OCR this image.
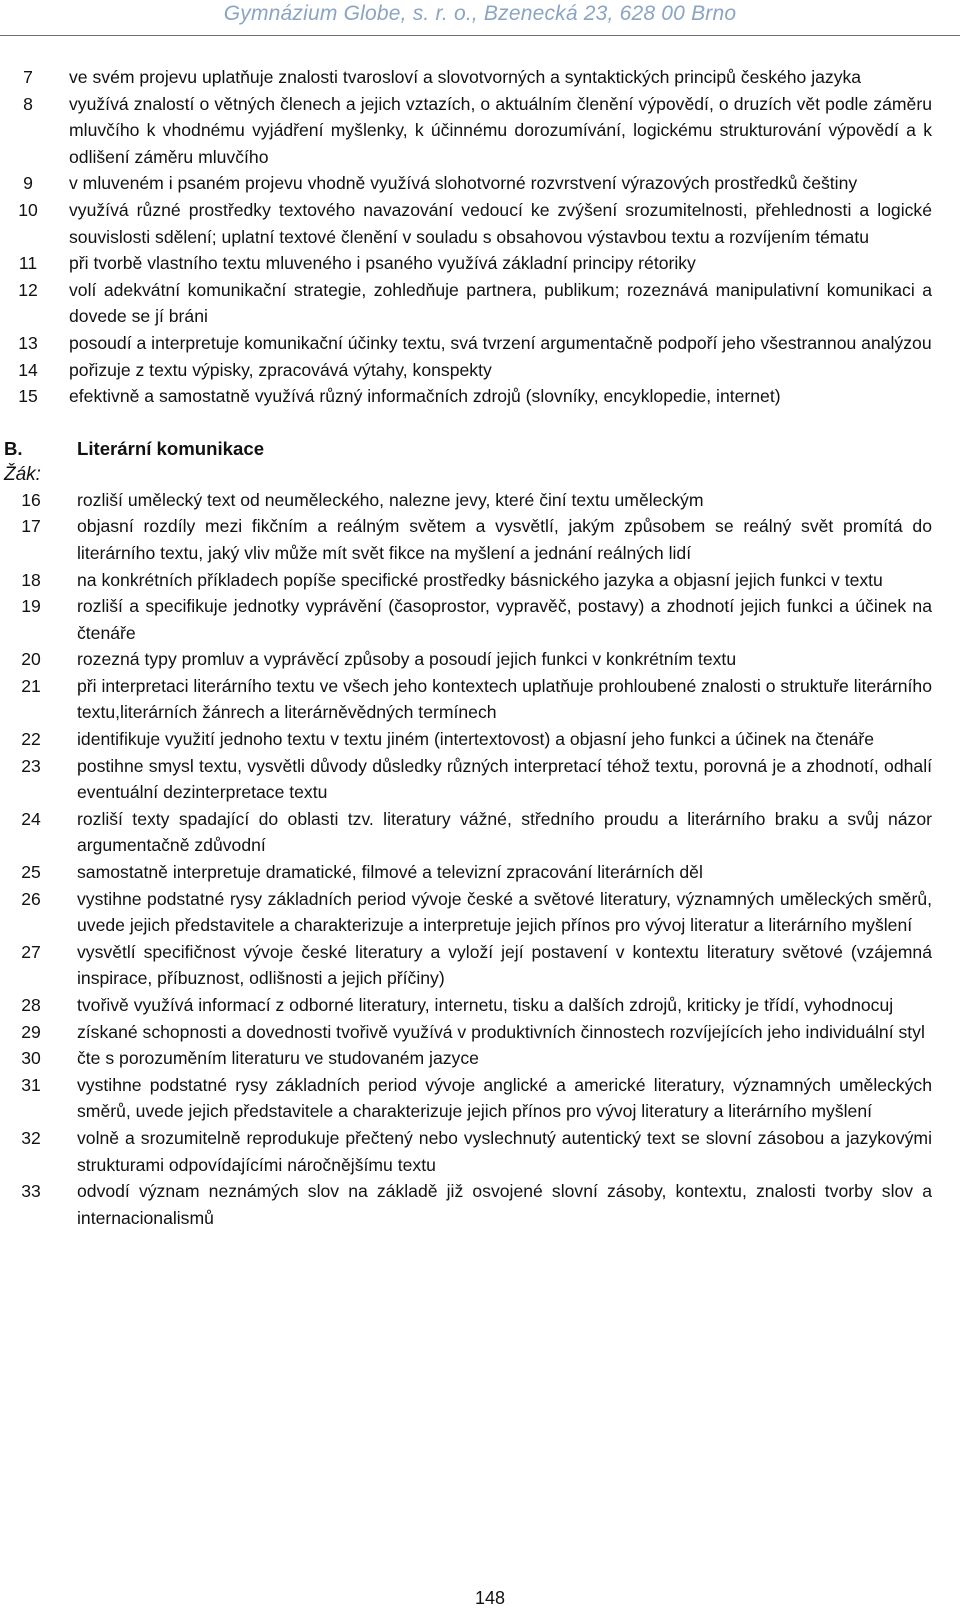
Gymnázium Globe, s. r. o., Bzenecká 23, 628 00 Brno
7	ve svém projevu uplatňuje znalosti tvarosloví a slovotvorných a syntaktických principů českého jazyka
8	využívá znalostí o větných členech a jejich vztazích, o aktuálním členění výpovědí, o druzích vět podle záměru mluvčího k vhodnému vyjádření myšlenky, k účinnému dorozumívání, logickému strukturování výpovědí a k odlišení záměru mluvčího
9	v mluveném i psaném projevu vhodně využívá slohotvorné rozvrstvení výrazových prostředků češtiny
10	využívá různé prostředky textového navazování vedoucí ke zvýšení srozumitelnosti, přehlednosti a logické souvislosti sdělení; uplatní textové členění v souladu s obsahovou výstavbou textu a rozvíjením tématu
11	při tvorbě vlastního textu mluveného i psaného využívá základní principy rétoriky
12	volí adekvátní komunikační strategie, zohledňuje partnera, publikum; rozeznává manipulativní komunikaci a dovede se jí bráni
13	posoudí a interpretuje komunikační účinky textu, svá tvrzení argumentačně podpoří jeho všestrannou analýzou
14	pořizuje z textu výpisky, zpracovává výtahy, konspekty
15	efektivně a samostatně využívá různý informačních zdrojů (slovníky, encyklopedie, internet)
B.	Literární komunikace
Žák:
16	rozliší umělecký text od neuměleckého, nalezne jevy, které činí textu uměleckým
17	objasní rozdíly mezi fikčním a reálným světem a vysvětlí, jakým způsobem se reálný svět promítá do literárního textu, jaký vliv může mít svět fikce na myšlení a jednání reálných lidí
18	na konkrétních příkladech popíše specifické prostředky básnického jazyka a objasní jejich funkci v textu
19	rozliší a specifikuje jednotky vyprávění (časoprostor, vypravěč, postavy) a zhodnotí jejich funkci a účinek na čtenáře
20	rozezná typy promluv a vyprávěcí způsoby a posoudí jejich funkci v konkrétním textu
21	při interpretaci literárního textu ve všech jeho kontextech uplatňuje prohloubené znalosti o struktuře literárního textu,literárních žánrech a literárněvědných termínech
22	identifikuje využití jednoho textu v textu jiném (intertextovost) a objasní jeho funkci a účinek na čtenáře
23	postihne smysl textu, vysvětli důvody důsledky různých interpretací téhož textu, porovná je a zhodnotí, odhalí eventuální dezinterpretace textu
24	rozliší texty spadající do oblasti tzv. literatury vážné, středního proudu a literárního braku a svůj názor argumentačně zdůvodní
25	samostatně interpretuje dramatické, filmové a televizní zpracování literárních děl
26	vystihne podstatné rysy základních period vývoje české a světové literatury, významných uměleckých směrů, uvede jejich představitele a charakterizuje a interpretuje jejich přínos pro vývoj literatur a literárního myšlení
27	vysvětlí specifičnost vývoje české literatury a vyloží její postavení v kontextu literatury světové (vzájemná inspirace, příbuznost, odlišnosti a jejich příčiny)
28	tvořivě využívá informací z odborné literatury, internetu, tisku a dalších zdrojů, kriticky je třídí, vyhodnocuj
29	získané schopnosti a dovednosti tvořivě využívá v produktivních činnostech rozvíjejících jeho individuální styl
30	čte s porozuměním literaturu ve studovaném jazyce
31	vystihne podstatné rysy základních period vývoje anglické a americké literatury, významných uměleckých směrů, uvede jejich představitele a charakterizuje jejich přínos pro vývoj literatury a literárního myšlení
32	volně a srozumitelně reprodukuje přečtený nebo vyslechnutý autentický text se slovní zásobou a jazykovými strukturami odpovídajícími náročnějšímu textu
33	odvodí význam neznámých slov na základě již osvojené slovní zásoby, kontextu, znalosti tvorby slov a internacionalismů
148
